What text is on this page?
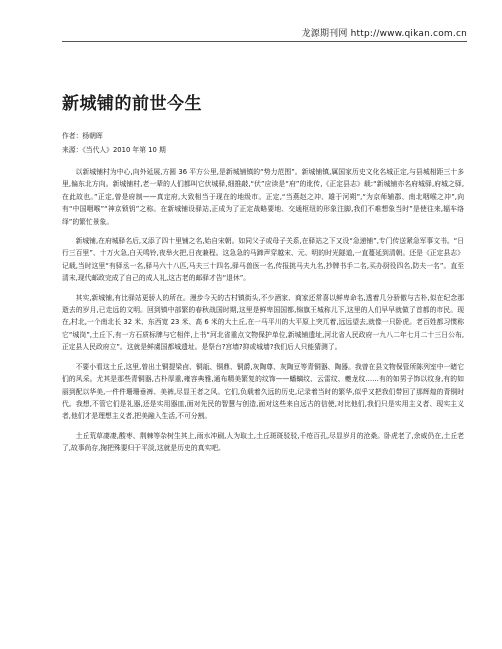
龙源期刊网 http://www.qikan.com.cn
新城铺的前世今生
作者：杨朝晖
来源：《当代人》2010 年第 10 期

以新城铺村为中心,向外延展,方圆 36 平方公里,是新城铺镇的“势力范围”。新城铺镇,属国家历史文化名城正定,与县城相距三十多里,偏东北方向。新城铺村,老一辈的人们都叫它伏城驿,细推敲,“伏”应读是“府”的讹传,《正定县志》载:“新城铺亦名府城驿,府城之驿,在此故也。”正定,曾是府制——真定府,大致相当于现在的地级市。正定,“当燕赵之冲、雄于河朔”,“为京师辅郡、南北咽喉之冲”,向有“中国咽喉”“神京锁钥”之称。在新城铺设驿站,正成为了正定战略要地、交通枢纽的形象注脚,我们不难想象当时”是使往来,辐车络绎”的繁忙景象。

新城铺,在府城驿名后,又添了四十里铺之名,始自宋朝。如同父子或母子关系,在驿站之下又设“急递铺”,专门传送紧急军事文书。“日行三百里”、十万火急,白天鸣铃,夜举火把,日夜兼程。这急急的马蹄声穿越宋、元、明的时光隧道,一直蔓延到清朝。还是《正定县志》记载,当时这里“有驿丞一名,驿马六十八匹,马夫三十四名,驿马兽医一名,传报挑马夫九名,抄牌书手二名,买办厨役四名,防夫一名”。直至清末,现代邮政完成了自己的成人礼,这古老的邮驿才告“退休”。

其实,新城铺,有比驿站更骄人的所在。漫步今天的古村镇街头,不少酒家、商家还常喜以鲜卑命名,透着几分骄傲与古朴,似在纪念那逝去的岁月,已走远的文明。回到镇中部繁的春秋战国时期,这里是鲜卑国国都,锦旗王城称儿下,这里的人们早早就做了首都的市民。现在,村北,一个南北长 32 米、东西宽 23 米、高 6 米的大土丘,在一马平川的大平原上突兀着,远远望去,就像一只卧虎。老百姓都习惯称它“城岗”,土丘下,有一方石质标牌与它相伴,上书“河北省重点文物保护单位,新城铺遗址,河北省人民政府一九八二年七月二十三日公布,正定县人民政府立”。这就是鲜虞国都城遗址。是祭台?宫墙?抑或城墙?我们后人只能猜测了。

不要小看这土丘,这里,曾出土铜提梁卣、铜瓿、铜鼎、铜爵,灰陶尊、灰陶豆等青铜器、陶器。我曾在县文物保管所陈列室中一睹它们的风采。尤其是那些青铜器,古朴厚重,雍容典雅,通布精美繁复的纹饰——蟠螭纹、云雷纹、夔龙纹……有的如男子饰以纹身,有的如丽到配以华美,一件件珊珊垂裤、美裤,尽显王者之风。它们,负载着久远的历史,记录着当时的繁华,似乎又把我们带回了那辉煌的青铜时代。我想,不管它们是礼器,还是实用器皿,面对先民的智慧与创造,面对这些来自远古的信使,对比他们,我们只是实用主义者、现实主义者,他们才是理想主义者,把美融入生活,不可分割。

土丘荒草凄凄,酸枣、荆棘等杂树生其上,雨水冲刷,人为取土,土丘斑斑驳驳,千疮百孔,尽显岁月的沧桑。卧虎老了,余威仍在,土丘老了,故事尚存,掬把殊要归于平淡,这就是历史的真实吧。
